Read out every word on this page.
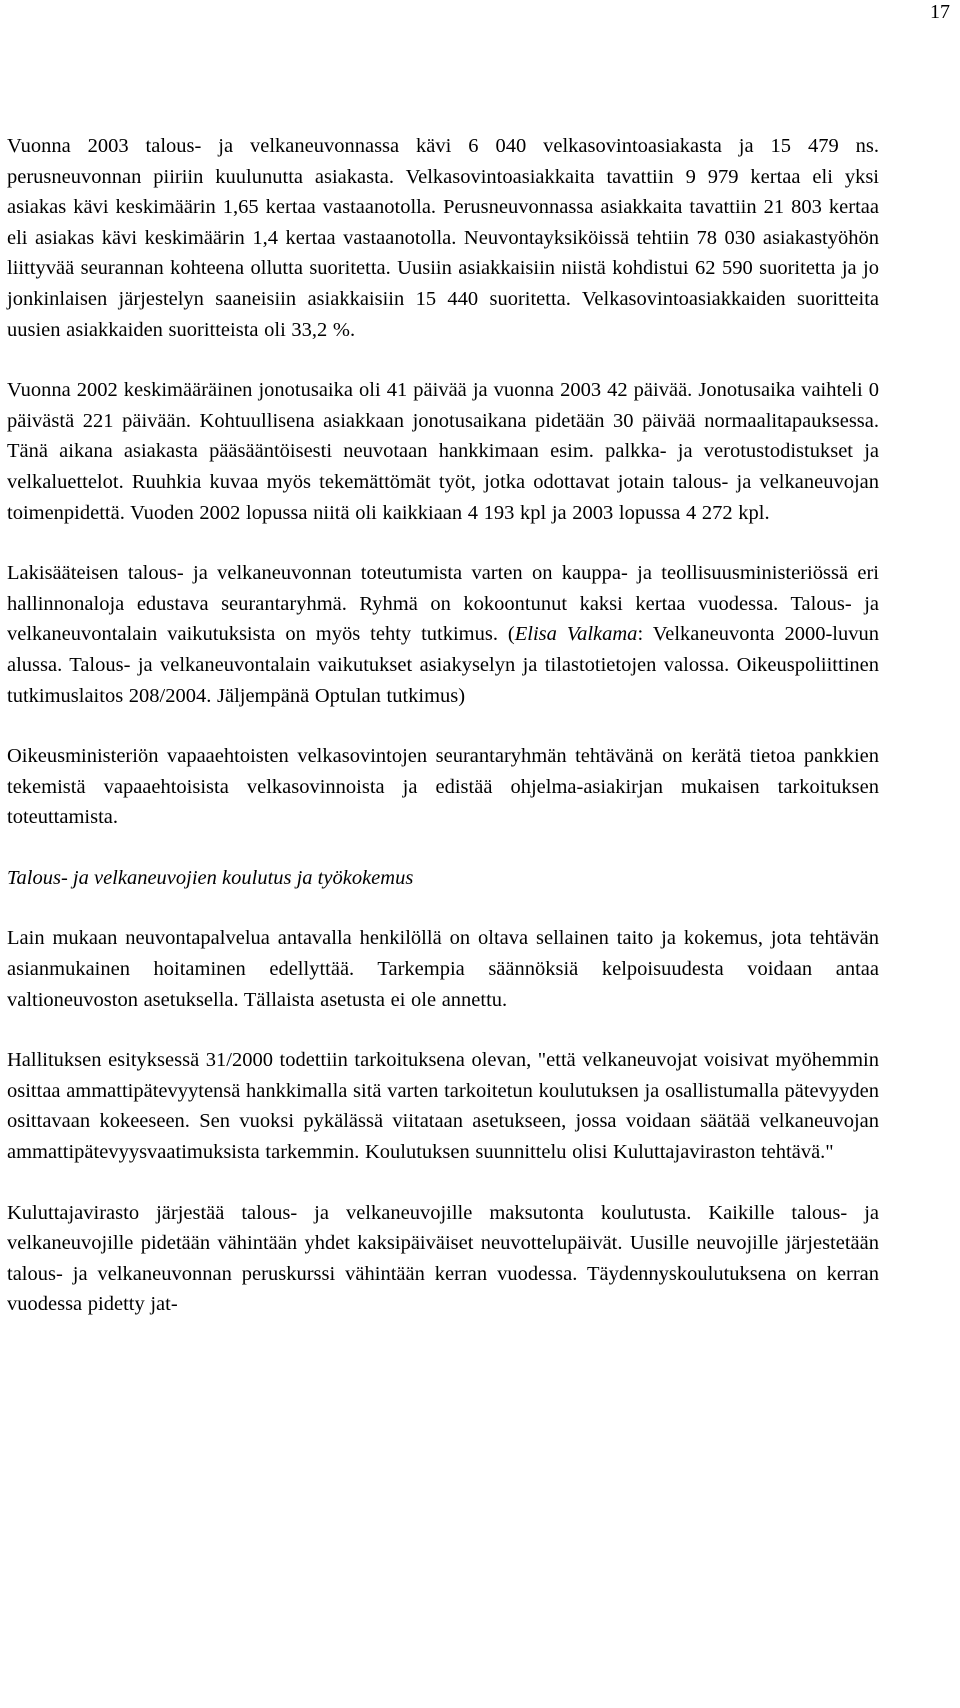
17

Vuonna 2003 talous- ja velkaneuvonnassa kävi 6 040 velkasovintoasiakasta ja 15 479 ns. perusneuvonnan piiriin kuulunutta asiakasta. Velkasovintoasiakkaita tavattiin 9 979 kertaa eli yksi asiakas kävi keskimäärin 1,65 kertaa vastaanotolla. Perusneuvonnassa asiakkaita tavattiin 21 803 kertaa eli asiakas kävi keskimäärin 1,4 kertaa vastaanotolla. Neuvontayksiköissä tehtiin 78 030 asiakastyöhön liittyvää seurannan kohteena ollutta suoritetta. Uusiin asiakkaisiin niistä kohdistui 62 590 suoritetta ja jo jonkinlaisen järjestelyn saaneisiin asiakkaisiin 15 440 suoritetta. Velkasovintoasiakkaiden suoritteita uusien asiakkaiden suoritteista oli 33,2 %.

Vuonna 2002 keskimääräinen jonotusaika oli 41 päivää ja vuonna 2003 42 päivää. Jonotusaika vaihteli 0 päivästä 221 päivään. Kohtuullisena asiakkaan jonotusaikana pidetään 30 päivää normaalitapauksessa. Tänä aikana asiakasta pääsääntöisesti neuvotaan hankkimaan esim. palkka- ja verotustodistukset ja velkaluettelot. Ruuhkia kuvaa myös tekemättömät työt, jotka odottavat jotain talous- ja velkaneuvojan toimenpidettä. Vuoden 2002 lopussa niitä oli kaikkiaan 4 193 kpl ja 2003 lopussa 4 272 kpl.

Lakisääteisen talous- ja velkaneuvonnan toteutumista varten on kauppa- ja teollisuusministeriössä eri hallinnonaloja edustava seurantaryhmä. Ryhmä on kokoontunut kaksi kertaa vuodessa. Talous- ja velkaneuvontalain vaikutuksista on myös tehty tutkimus. (Elisa Valkama: Velkaneuvonta 2000-luvun alussa. Talous- ja velkaneuvontalain vaikutukset asiakyselyn ja tilastotietojen valossa. Oikeuspoliittinen tutkimuslaitos 208/2004. Jäljempänä Optulan tutkimus)

Oikeusministeriön vapaaehtoisten velkasovintojen seurantaryhmän tehtävänä on kerätä tietoa pankkien tekemistä vapaaehtoisista velkasovinnoista ja edistää ohjelma-asiakirjan mukaisen tarkoituksen toteuttamista.

Talous- ja velkaneuvojien koulutus ja työkokemus

Lain mukaan neuvontapalvelua antavalla henkilöllä on oltava sellainen taito ja kokemus, jota tehtävän asianmukainen hoitaminen edellyttää. Tarkempia säännöksiä kelpoisuudesta voidaan antaa valtioneuvoston asetuksella. Tällaista asetusta ei ole annettu.

Hallituksen esityksessä 31/2000 todettiin tarkoituksena olevan, "että velkaneuvojat voisivat myöhemmin osittaa ammattipätevyytensä hankkimalla sitä varten tarkoitetun koulutuksen ja osallistumalla pätevyyden osittavaan kokeeseen. Sen vuoksi pykälässä viitataan asetukseen, jossa voidaan säätää velkaneuvojan ammattipätevyysvaatimuksista tarkemmin. Koulutuksen suunnittelu olisi Kuluttajaviraston tehtävä."

Kuluttajavirasto järjestää talous- ja velkaneuvojille maksutonta koulutusta. Kaikille talous- ja velkaneuvojille pidetään vähintään yhdet kaksipäiväiset neuvottelupäivät. Uusille neuvojille järjestetään talous- ja velkaneuvonnan peruskurssi vähintään kerran vuodessa. Täydennyskoulutuksena on kerran vuodessa pidetty jat-
